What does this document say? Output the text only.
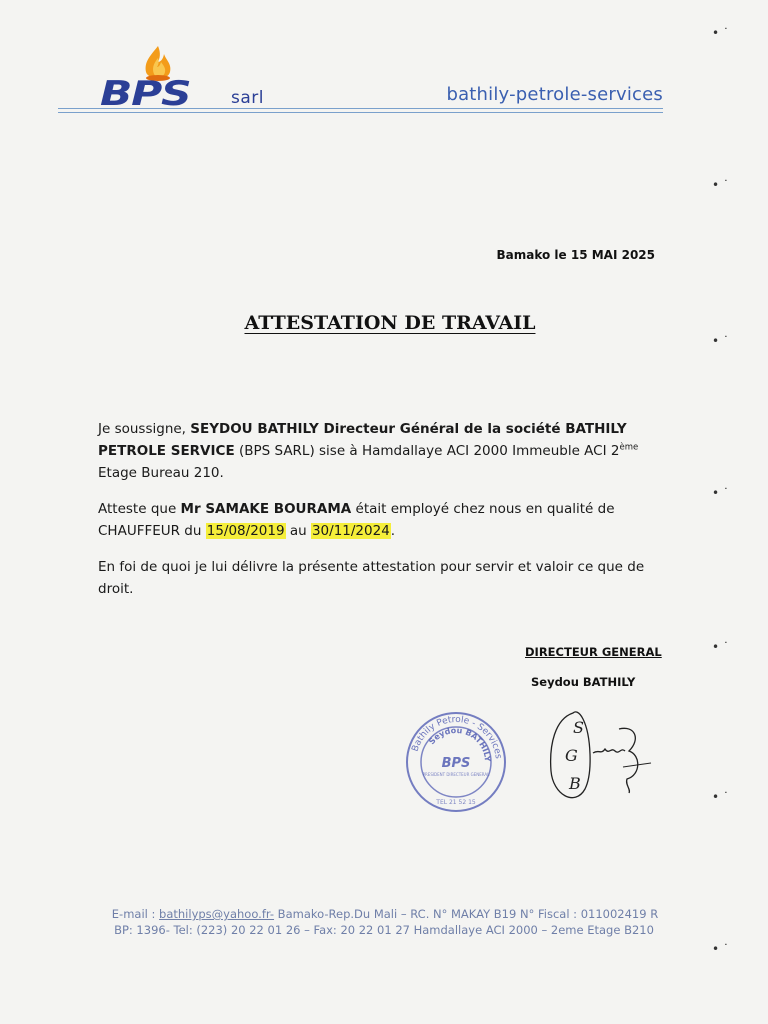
BPS sarl	bathily-petrole-services
Bamako le 15 MAI 2025
ATTESTATION DE TRAVAIL

Je soussigne, SEYDOU BATHILY Directeur Général de la société BATHILY PETROLE SERVICE (BPS SARL) sise à Hamdallaye ACI 2000 Immeuble ACI 2ème Etage Bureau 210.

Atteste que Mr SAMAKE BOURAMA était employé chez nous en qualité de CHAUFFEUR du 15/08/2019 au 30/11/2024.

En foi de quoi je lui délivre la présente attestation pour servir et valoir ce que de droit.

DIRECTEUR GENERAL
Seydou BATHILY
Bathily Petrole - Services
Seydou BATHILY
BPS
PRESIDENT DIRECTEUR GENERAL
TEL 21 52 15
S
G
B
E-mail : bathilyps@yahoo.fr- Bamako-Rep.Du Mali – RC. N° MAKAY B19 N° Fiscal : 011002419 R
BP: 1396- Tel: (223) 20 22 01 26 – Fax: 20 22 01 27 Hamdallaye ACI 2000 – 2eme Etage B210
• ˙
• ˙
• ˙
• ˙
• ˙
• ˙
• ˙
